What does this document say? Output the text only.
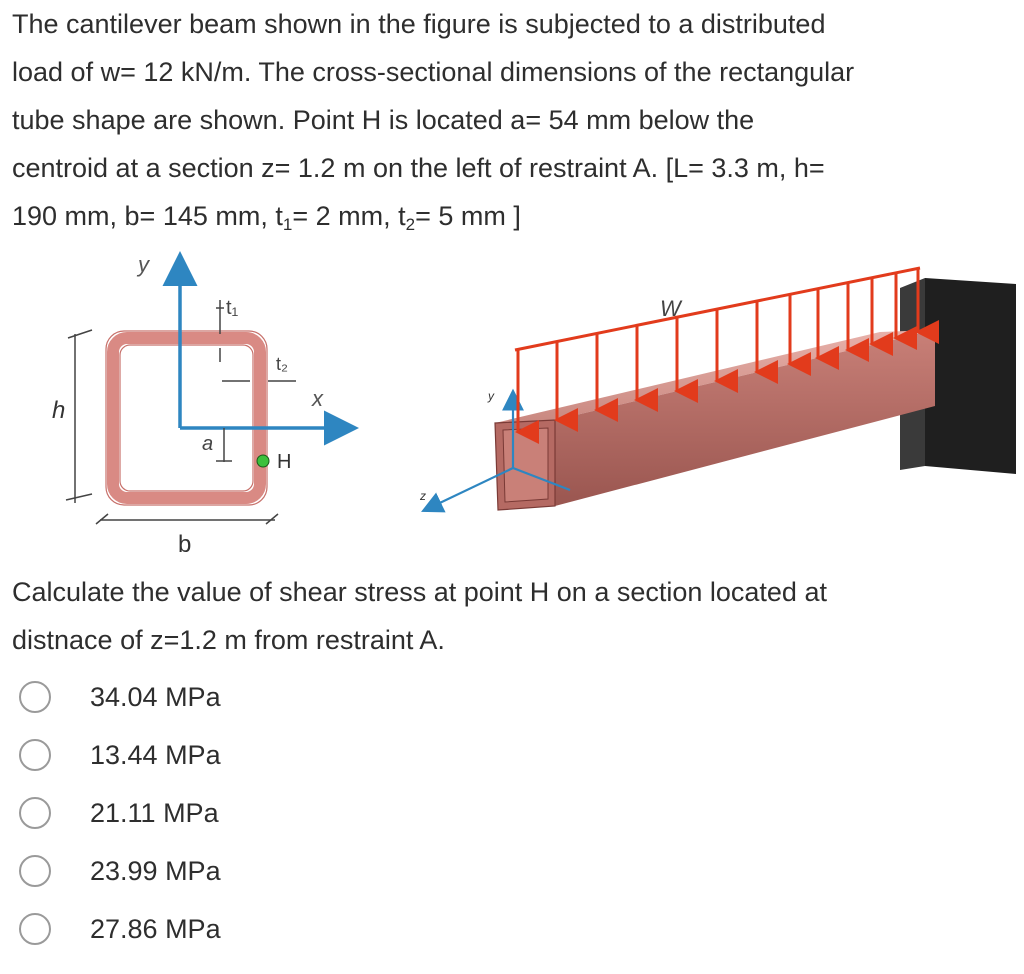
The cantilever beam shown in the figure is subjected to a distributed

load of w= 12 kN/m. The cross-sectional dimensions of the rectangular

tube shape are shown. Point H is located a= 54 mm below the

centroid at a section z= 1.2 m on the left of restraint A. [L= 3.3 m, h=

190 mm, b= 145 mm, $t_1= 2$ mm, $t_2= 5$ mm ]

h
y
x
t₁
t₂
a
H
b
y
z
W

Calculate the value of shear stress at point H on a section located at

distnace of z=1.2 m from restraint A.

34.04 MPa
13.44 MPa
21.11 MPa
23.99 MPa
27.86 MPa
